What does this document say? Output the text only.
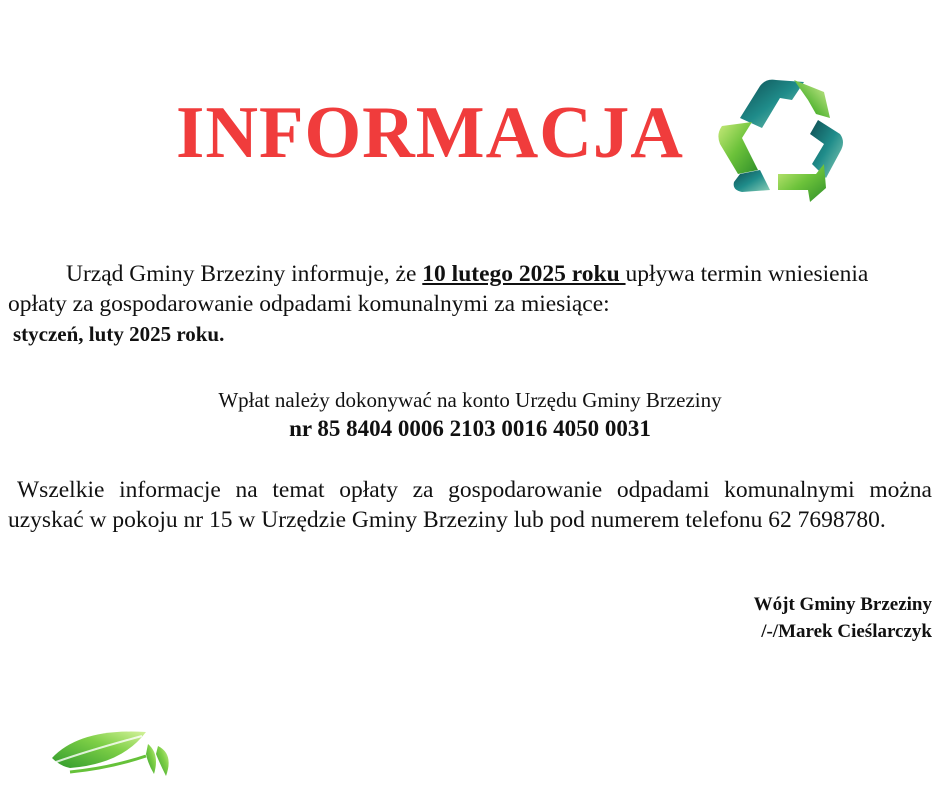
INFORMACJA
Urząd Gminy Brzeziny informuje, że 10 lutego 2025 roku upływa termin wniesienia opłaty za gospodarowanie odpadami komunalnymi za miesiące:
styczeń, luty 2025 roku.
Wpłat należy dokonywać na konto Urzędu Gminy Brzeziny
nr 85 8404 0006 2103 0016 4050 0031
Wszelkie informacje na temat opłaty za gospodarowanie odpadami komunalnymi można uzyskać w pokoju nr 15 w Urzędzie Gminy Brzeziny lub pod numerem telefonu 62 7698780.
Wójt Gminy Brzeziny
/-/Marek Cieślarczyk
